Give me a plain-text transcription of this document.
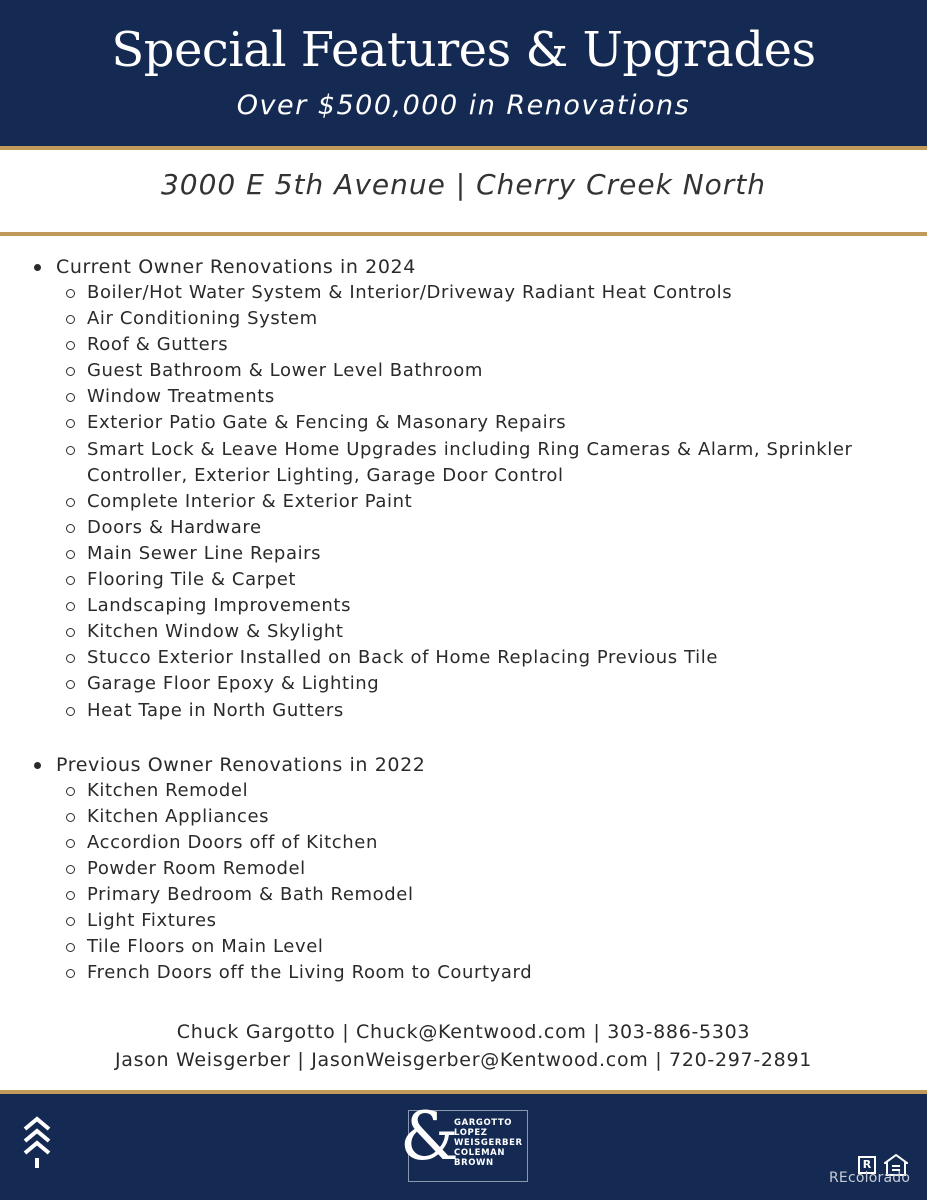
Special Features & Upgrades
Over $500,000 in Renovations
3000 E 5th Avenue | Cherry Creek North
Current Owner Renovations in 2024
Boiler/Hot Water System & Interior/Driveway Radiant Heat Controls
Air Conditioning System
Roof & Gutters
Guest Bathroom & Lower Level Bathroom
Window Treatments
Exterior Patio Gate & Fencing & Masonary Repairs
Smart Lock & Leave Home Upgrades including Ring Cameras & Alarm, Sprinkler Controller, Exterior Lighting, Garage Door Control
Complete Interior & Exterior Paint
Doors & Hardware
Main Sewer Line Repairs
Flooring Tile & Carpet
Landscaping Improvements
Kitchen Window & Skylight
Stucco Exterior Installed on Back of Home Replacing Previous Tile
Garage Floor Epoxy & Lighting
Heat Tape in North Gutters
Previous Owner Renovations in 2022
Kitchen Remodel
Kitchen Appliances
Accordion Doors off of Kitchen
Powder Room Remodel
Primary Bedroom & Bath Remodel
Light Fixtures
Tile Floors on Main Level
French Doors off the Living Room to Courtyard
Chuck Gargotto | Chuck@Kentwood.com | 303-886-5303
Jason Weisgerber | JasonWeisgerber@Kentwood.com | 720-297-2891
&
GARGOTTO
LOPEZ
WEISGERBER
COLEMAN
BROWN	R
REcolorado
